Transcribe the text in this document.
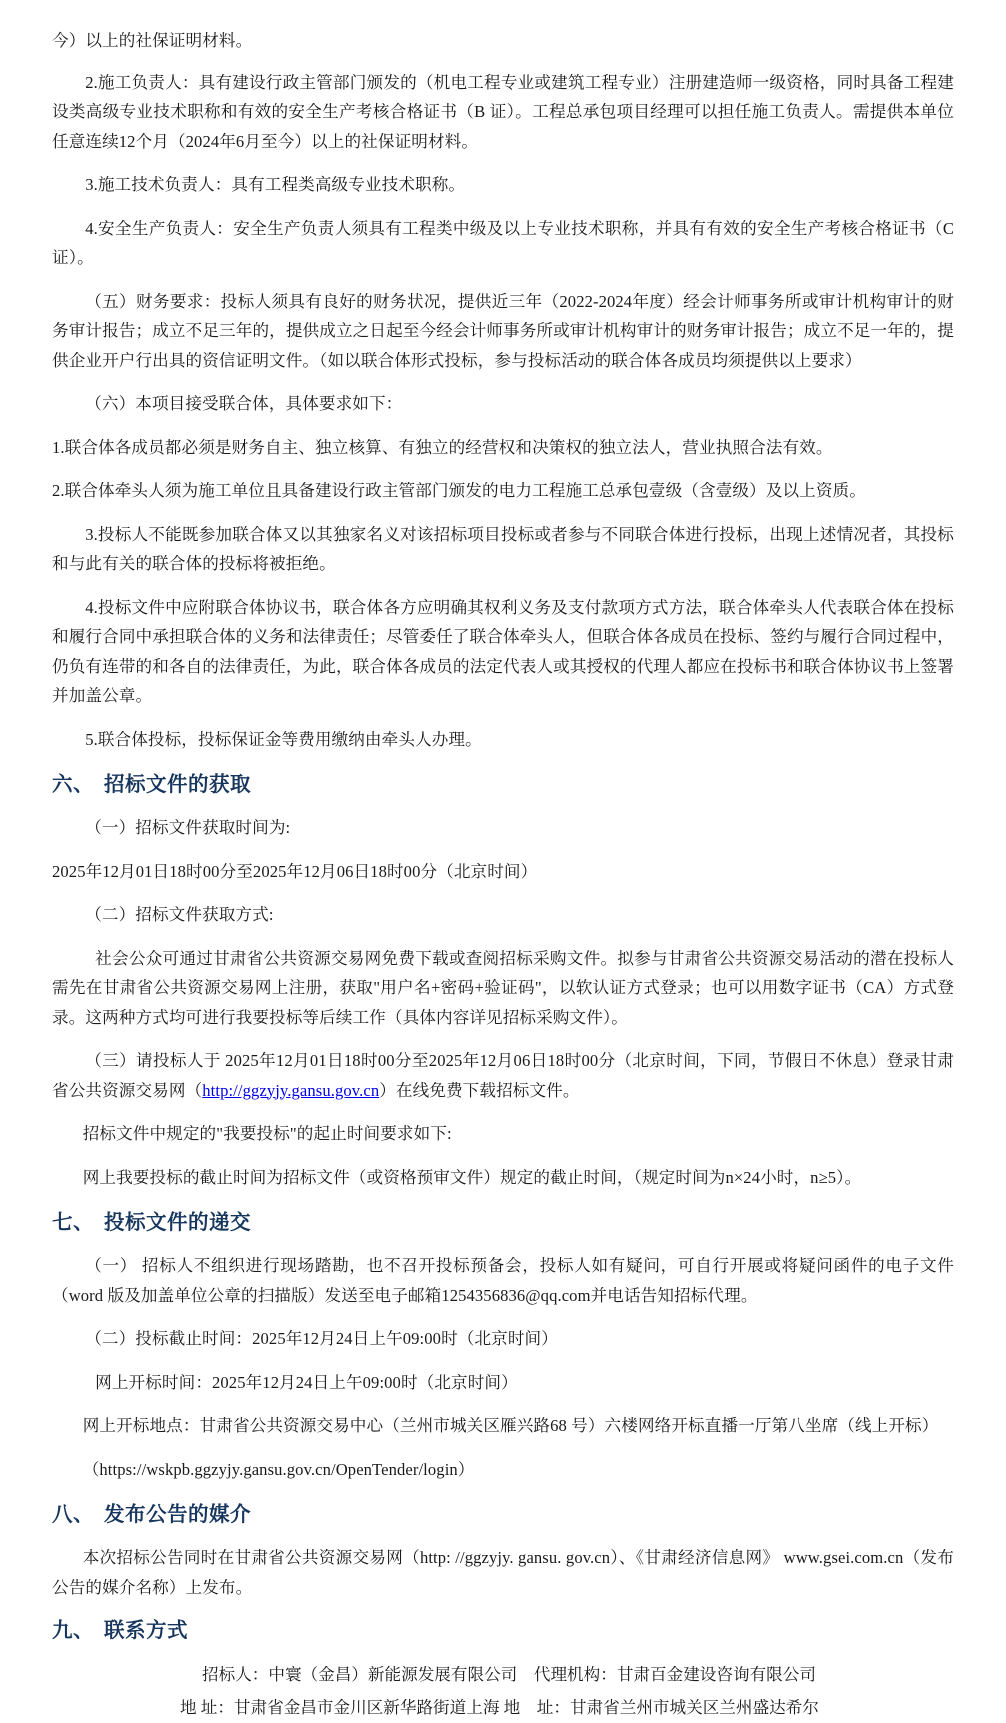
今）以上的社保证明材料。

2.施工负责人：具有建设行政主管部门颁发的（机电工程专业或建筑工程专业）注册建造师一级资格，同时具备工程建设类高级专业技术职称和有效的安全生产考核合格证书（B 证）。工程总承包项目经理可以担任施工负责人。需提供本单位任意连续12个月（2024年6月至今）以上的社保证明材料。

3.施工技术负责人：具有工程类高级专业技术职称。

4.安全生产负责人：安全生产负责人须具有工程类中级及以上专业技术职称，并具有有效的安全生产考核合格证书（C 证）。

（五）财务要求：投标人须具有良好的财务状况，提供近三年（2022-2024年度）经会计师事务所或审计机构审计的财务审计报告；成立不足三年的，提供成立之日起至今经会计师事务所或审计机构审计的财务审计报告；成立不足一年的，提供企业开户行出具的资信证明文件。（如以联合体形式投标，参与投标活动的联合体各成员均须提供以上要求）

（六）本项目接受联合体，具体要求如下：

1.联合体各成员都必须是财务自主、独立核算、有独立的经营权和决策权的独立法人，营业执照合法有效。

2.联合体牵头人须为施工单位且具备建设行政主管部门颁发的电力工程施工总承包壹级（含壹级）及以上资质。

3.投标人不能既参加联合体又以其独家名义对该招标项目投标或者参与不同联合体进行投标，出现上述情况者，其投标和与此有关的联合体的投标将被拒绝。

4.投标文件中应附联合体协议书，联合体各方应明确其权利义务及支付款项方式方法，联合体牵头人代表联合体在投标和履行合同中承担联合体的义务和法律责任；尽管委任了联合体牵头人，但联合体各成员在投标、签约与履行合同过程中，仍负有连带的和各自的法律责任，为此，联合体各成员的法定代表人或其授权的代理人都应在投标书和联合体协议书上签署并加盖公章。

5.联合体投标，投标保证金等费用缴纳由牵头人办理。

六、 招标文件的获取

（一）招标文件获取时间为:

2025年12月01日18时00分至2025年12月06日18时00分（北京时间）

（二）招标文件获取方式:

社会公众可通过甘肃省公共资源交易网免费下载或查阅招标采购文件。拟参与甘肃省公共资源交易活动的潜在投标人需先在甘肃省公共资源交易网上注册，获取"用户名+密码+验证码"，以软认证方式登录；也可以用数字证书（CA）方式登录。这两种方式均可进行我要投标等后续工作（具体内容详见招标采购文件）。

（三）请投标人于 2025年12月01日18时00分至2025年12月06日18时00分（北京时间，下同，节假日不休息）登录甘肃省公共资源交易网（http://ggzyjy.gansu.gov.cn）在线免费下载招标文件。

招标文件中规定的"我要投标"的起止时间要求如下:

网上我要投标的截止时间为招标文件（或资格预审文件）规定的截止时间，（规定时间为n×24小时，n≥5）。

七、 投标文件的递交

（一） 招标人不组织进行现场踏勘，也不召开投标预备会，投标人如有疑问，可自行开展或将疑问函件的电子文件（word 版及加盖单位公章的扫描版）发送至电子邮箱1254356836@qq.com并电话告知招标代理。

（二）投标截止时间：2025年12月24日上午09:00时（北京时间）

网上开标时间：2025年12月24日上午09:00时（北京时间）

网上开标地点：甘肃省公共资源交易中心（兰州市城关区雁兴路68 号）六楼网络开标直播一厅第八坐席（线上开标）

（https://wskpb.ggzyjy.gansu.gov.cn/OpenTender/login）

八、 发布公告的媒介

本次招标公告同时在甘肃省公共资源交易网（http: //ggzyjy. gansu. gov.cn）、《甘肃经济信息网》 www.gsei.com.cn（发布公告的媒介名称）上发布。

九、 联系方式
招标人：中寰（金昌）新能源发展有限公司　代理机构：甘肃百金建设咨询有限公司
地 址：甘肃省金昌市金川区新华路街道上海 地　址：甘肃省兰州市城关区兰州盛达希尔
